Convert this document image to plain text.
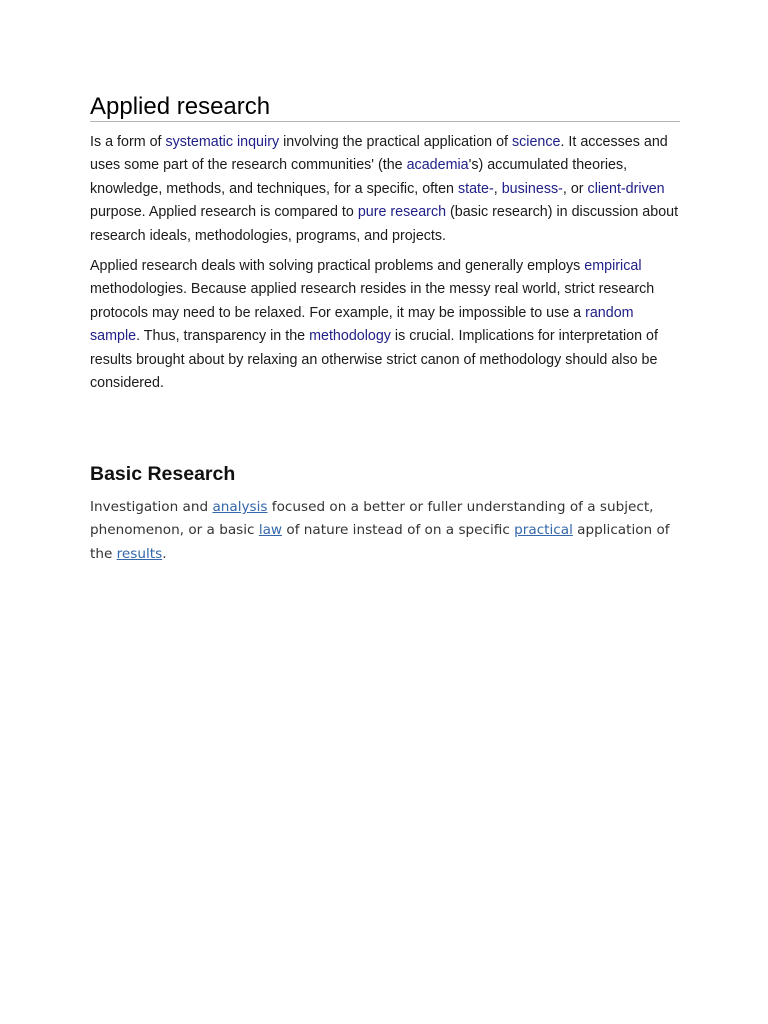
Applied research

Is a form of systematic inquiry involving the practical application of science. It accesses and uses some part of the research communities' (the academia's) accumulated theories, knowledge, methods, and techniques, for a specific, often state-, business-, or client-driven purpose. Applied research is compared to pure research (basic research) in discussion about research ideals, methodologies, programs, and projects.

Applied research deals with solving practical problems and generally employs empirical methodologies. Because applied research resides in the messy real world, strict research protocols may need to be relaxed. For example, it may be impossible to use a random sample. Thus, transparency in the methodology is crucial. Implications for interpretation of results brought about by relaxing an otherwise strict canon of methodology should also be considered.

Basic Research

Investigation and analysis focused on a better or fuller understanding of a subject, phenomenon, or a basic law of nature instead of on a specific practical application of the results.
